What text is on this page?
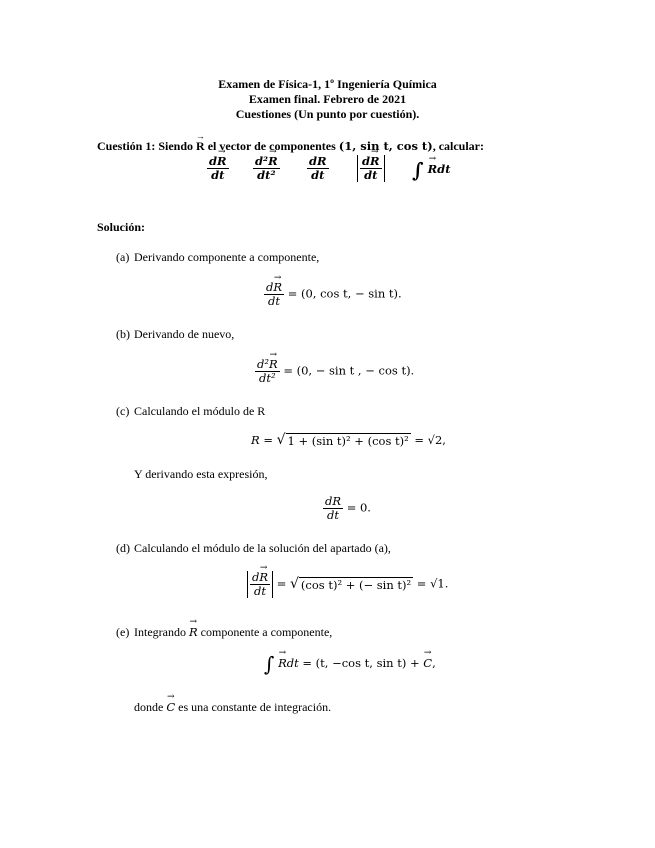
Examen de Física-1, 1º Ingeniería Química
Examen final. Febrero de 2021
Cuestiones (Un punto por cuestión).
Cuestión 1: Siendo → R el vector de componentes (1, sin t, cos t), calcular:
$\frac{d\to R}{dt} \frac{\text{d²→ R}}{\text{dt²}} \frac{dR}{dt}$	$\frac{d\to R}{dt}$ ∫ → Rdt
Solución:
(a) Derivando componente a componente,
$\frac{d\to R}{dt} = (0$, cos t, − sin t).
(b) Derivando de nuevo,
$\frac{\text{d²→ R}}{\text{dt²}} = (0$, − sin t , − cos t).
(c) Calculando el módulo de R
R = √ 1 + (sin t)² + (cos t)² = √2,
Y derivando esta expresión,
$\frac{dR}{dt} = 0$.
(d) Calculando el módulo de la solución del apartado (a),
$\frac{d\to R}{dt}$ = √ (cos t)² + (− sin t)² = √1.
(e) Integrando → R componente a componente,
∫ → Rdt = (t, −cos t, sin t) + → C,
donde → C es una constante de integración.
